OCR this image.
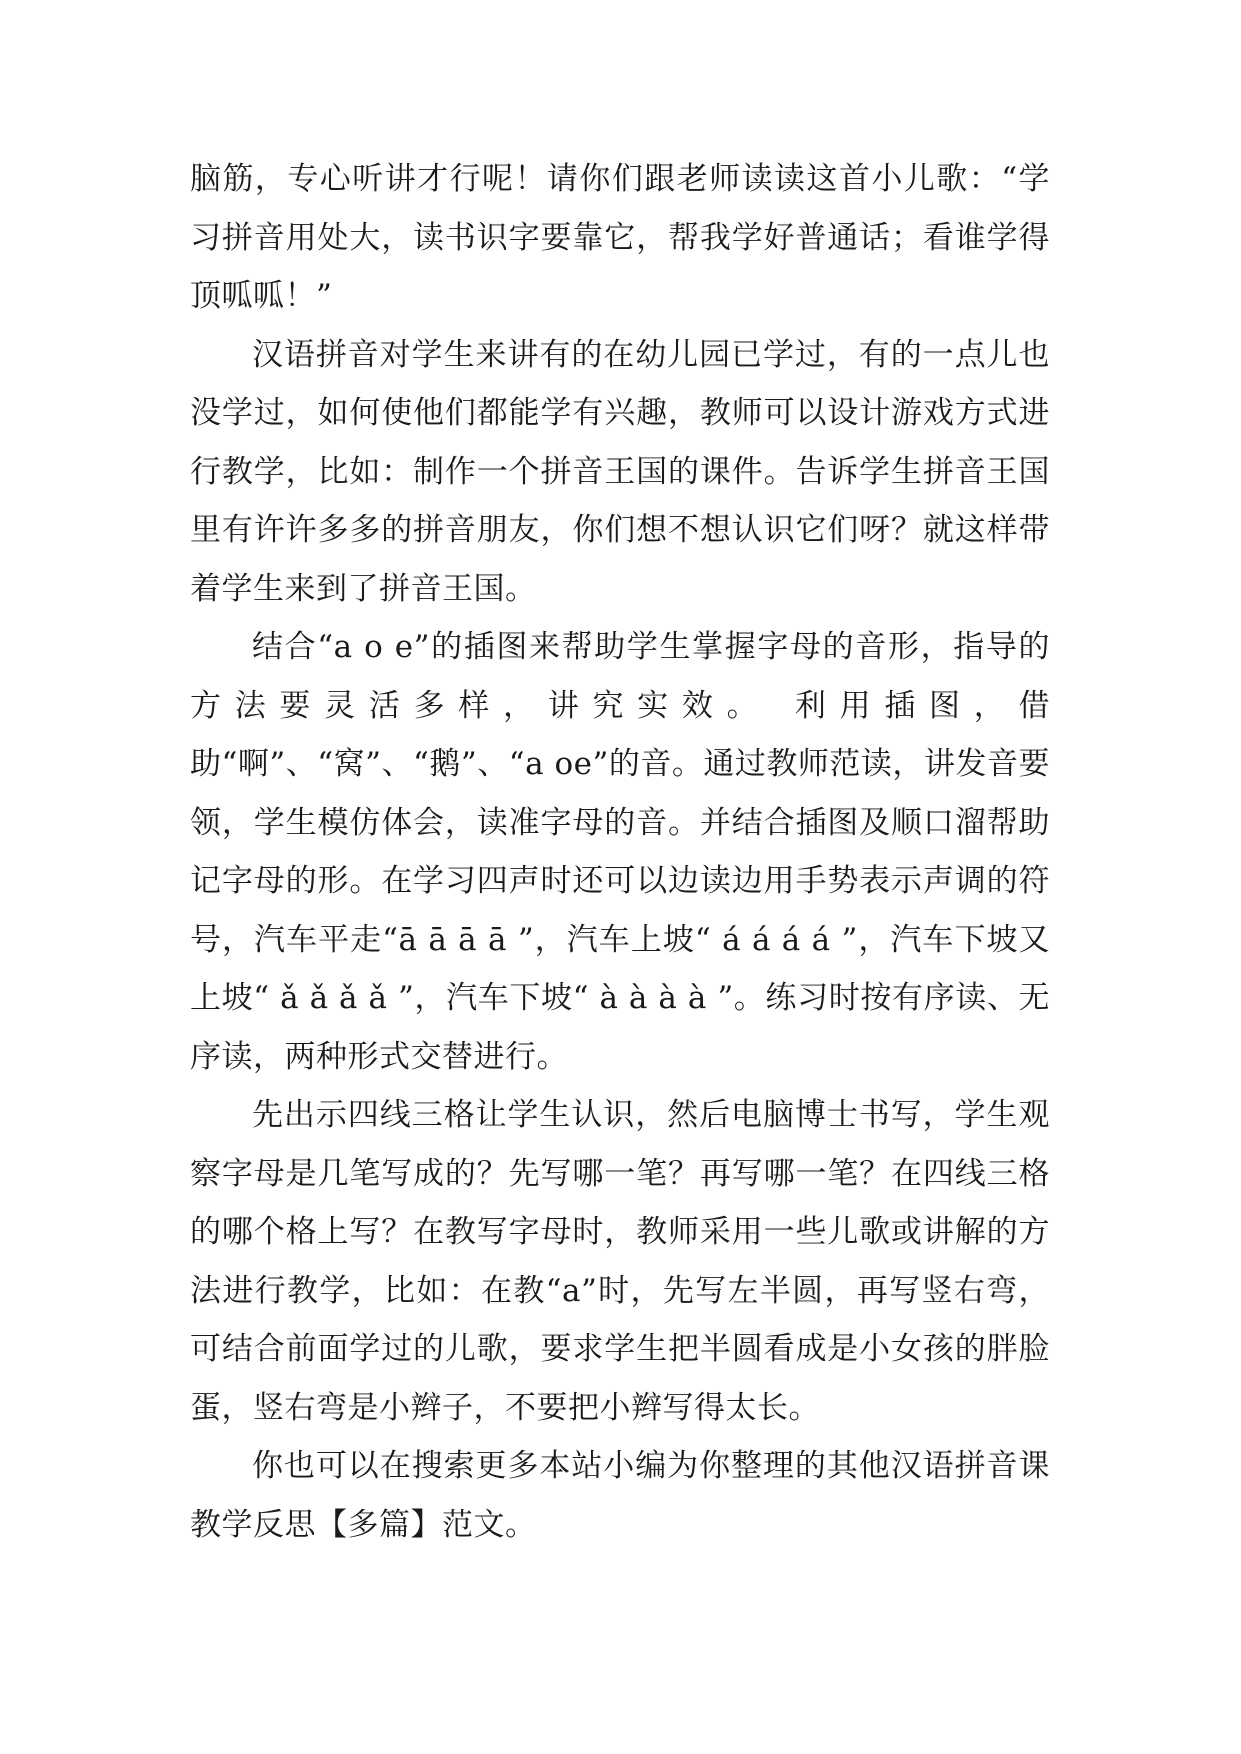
脑筋，专心听讲才行呢！请你们跟老师读读这首小儿歌：“学习拼音用处大，读书识字要靠它，帮我学好普通话；看谁学得顶呱呱！”

汉语拼音对学生来讲有的在幼儿园已学过，有的一点儿也没学过，如何使他们都能学有兴趣，教师可以设计游戏方式进行教学，比如：制作一个拼音王国的课件。告诉学生拼音王国里有许许多多的拼音朋友，你们想不想认识它们呀？就这样带着学生来到了拼音王国。

结合“a o e”的插图来帮助学生掌握字母的音形，指导的方法要灵活多样，讲究实效。 利用插图，借助“啊”、“窝”、“鹅”、“a oe”的音。通过教师范读，讲发音要领，学生模仿体会，读准字母的音。并结合插图及顺口溜帮助记字母的形。在学习四声时还可以边读边用手势表示声调的符号，汽车平走“ā ā ā ā ”，汽车上坡“ á á á á ”，汽车下坡又上坡“ ǎ ǎ ǎ ǎ ”，汽车下坡“ à à à à ”。练习时按有序读、无序读，两种形式交替进行。

先出示四线三格让学生认识，然后电脑博士书写，学生观察字母是几笔写成的？先写哪一笔？再写哪一笔？在四线三格的哪个格上写？在教写字母时，教师采用一些儿歌或讲解的方法进行教学，比如：在教“a”时，先写左半圆，再写竖右弯，可结合前面学过的儿歌，要求学生把半圆看成是小女孩的胖脸蛋，竖右弯是小辫子，不要把小辫写得太长。

你也可以在搜索更多本站小编为你整理的其他汉语拼音课教学反思【多篇】范文。
